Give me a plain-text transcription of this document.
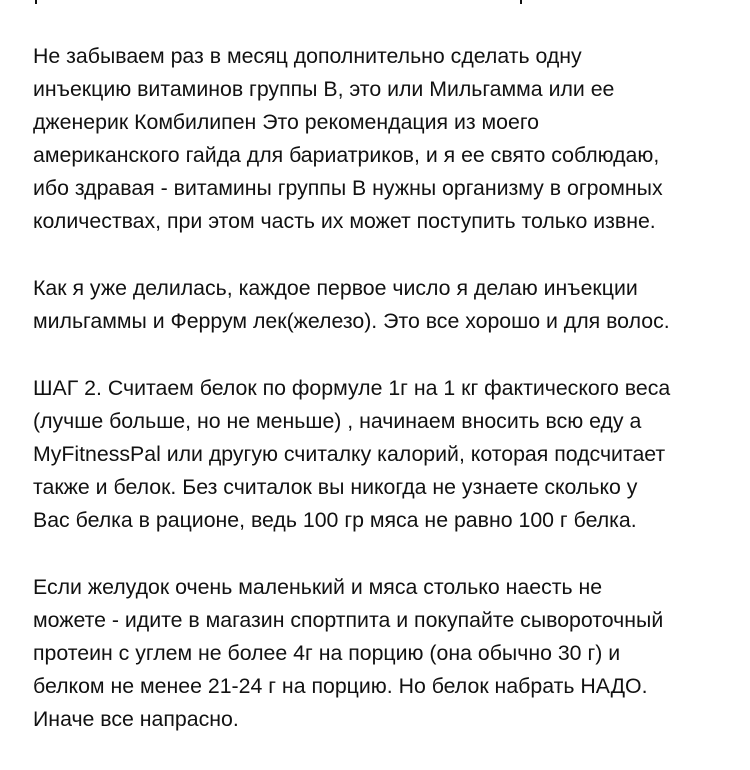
Не забываем раз в месяц дополнительно сделать одну
инъекцию витаминов группы В, это или Мильгамма или ее
дженерик Комбилипен Это рекомендация из моего
американского гайда для бариатриков, и я ее свято соблюдаю,
ибо здравая - витамины группы В нужны организму в огромных
количествах, при этом часть их может поступить только извне.

Как я уже делилась, каждое первое число я делаю инъекции
мильгаммы и Феррум лек(железо). Это все хорошо и для волос.

ШАГ 2. Считаем белок по формуле 1г на 1 кг фактического веса
(лучше больше, но не меньше) , начинаем вносить всю еду а
MyFitnessPal или другую считалку калорий, которая подсчитает
также и белок. Без считалок вы никогда не узнаете сколько у
Вас белка в рационе, ведь 100 гр мяса не равно 100 г белка.

Если желудок очень маленький и мяса столько наесть не
можете - идите в магазин спортпита и покупайте сывороточный
протеин с углем не более 4г на порцию (она обычно 30 г) и
белком не менее 21-24 г на порцию. Но белок набрать НАДО.
Иначе все напрасно.
